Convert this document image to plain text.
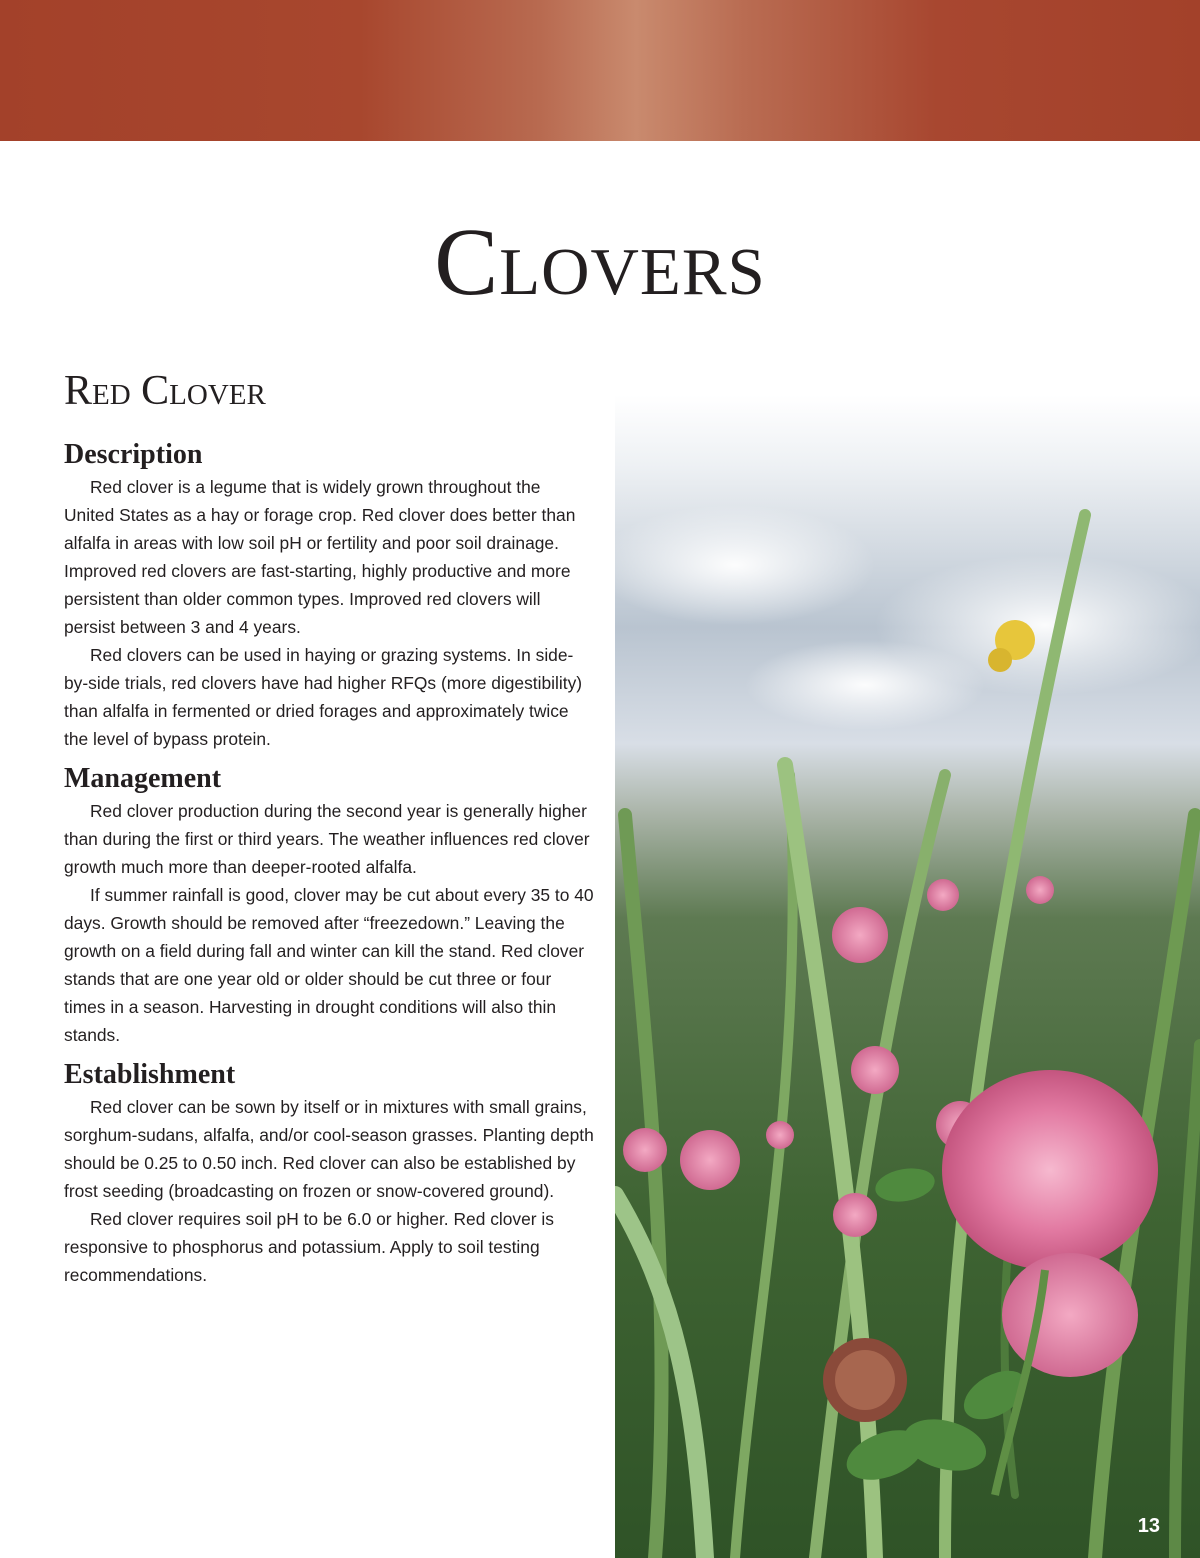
Clovers
Red Clover
Description

Red clover is a legume that is widely grown throughout the United States as a hay or forage crop. Red clover does better than alfalfa in areas with low soil pH or fertility and poor soil drainage. Improved red clovers are fast-starting, highly productive and more persistent than older common types. Improved red clovers will persist between 3 and 4 years.

Red clovers can be used in haying or grazing systems. In side-by-side trials, red clovers have had higher RFQs (more digestibility) than alfalfa in fermented or dried forages and approximately twice the level of bypass protein.

Management

Red clover production during the second year is generally higher than during the first or third years. The weather influences red clover growth much more than deeper-rooted alfalfa.

If summer rainfall is good, clover may be cut about every 35 to 40 days. Growth should be removed after “freezedown.” Leaving the growth on a field during fall and winter can kill the stand. Red clover stands that are one year old or older should be cut three or four times in a season. Harvesting in drought conditions will also thin stands.

Establishment

Red clover can be sown by itself or in mixtures with small grains, sorghum-sudans, alfalfa, and/or cool-season grasses. Planting depth should be 0.25 to 0.50 inch. Red clover can also be established by frost seeding (broadcasting on frozen or snow-covered ground).

Red clover requires soil pH to be 6.0 or higher. Red clover is responsive to phosphorus and potassium. Apply to soil testing recommendations.

13
